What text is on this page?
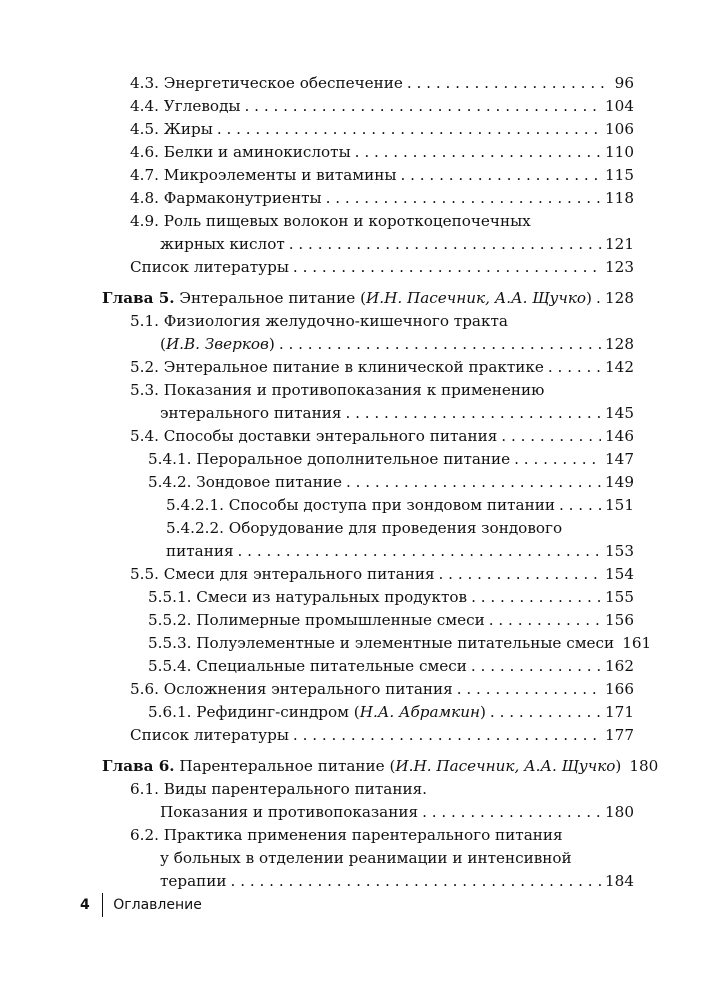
4.3. Энергетическое обеспечение . . .	96
4.4. Углеводы . . .	104
4.5. Жиры . . .	106
4.6. Белки и аминокислоты . . .	110
4.7. Микроэлементы и витамины . . .	115
4.8. Фармаконутриенты . . .	118
4.9. Роль пищевых волокон и короткоцепочечных
жирных кислот . . .	121
Список литературы . . .	123
Глава 5. Энтеральное питание (И.Н. Пасечник, А.А. Щучко) . . . 128
5.1. Физиология желудочно-кишечного тракта
(И.В. Зверков) . . .	128
5.2. Энтеральное питание в клинической практике . . .	142
5.3. Показания и противопоказания к применению
энтерального питания . . .	145
5.4. Способы доставки энтерального питания . . .	146
5.4.1. Пероральное дополнительное питание . . .	147
5.4.2. Зондовое питание . . .	149
5.4.2.1. Способы доступа при зондовом питании . . .	151
5.4.2.2. Оборудование для проведения зондового
питания . . .	153
5.5. Смеси для энтерального питания . . .	154
5.5.1. Смеси из натуральных продуктов . . .	155
5.5.2. Полимерные промышленные смеси . . .	156
5.5.3. Полуэлементные и элементные питательные смеси 161
5.5.4. Специальные питательные смеси . . .	162
5.6. Осложнения энтерального питания . . .	166
5.6.1. Рефидинг-синдром (Н.А. Абрамкин) . . .	171
Список литературы . . .	177
Глава 6. Парентеральное питание (И.Н. Пасечник, А.А. Щучко) 180
6.1. Виды парентерального питания.
Показания и противопоказания . . .	180
6.2. Практика применения парентерального питания
у больных в отделении реанимации и интенсивной
терапии . . .	184
4 Оглавление
